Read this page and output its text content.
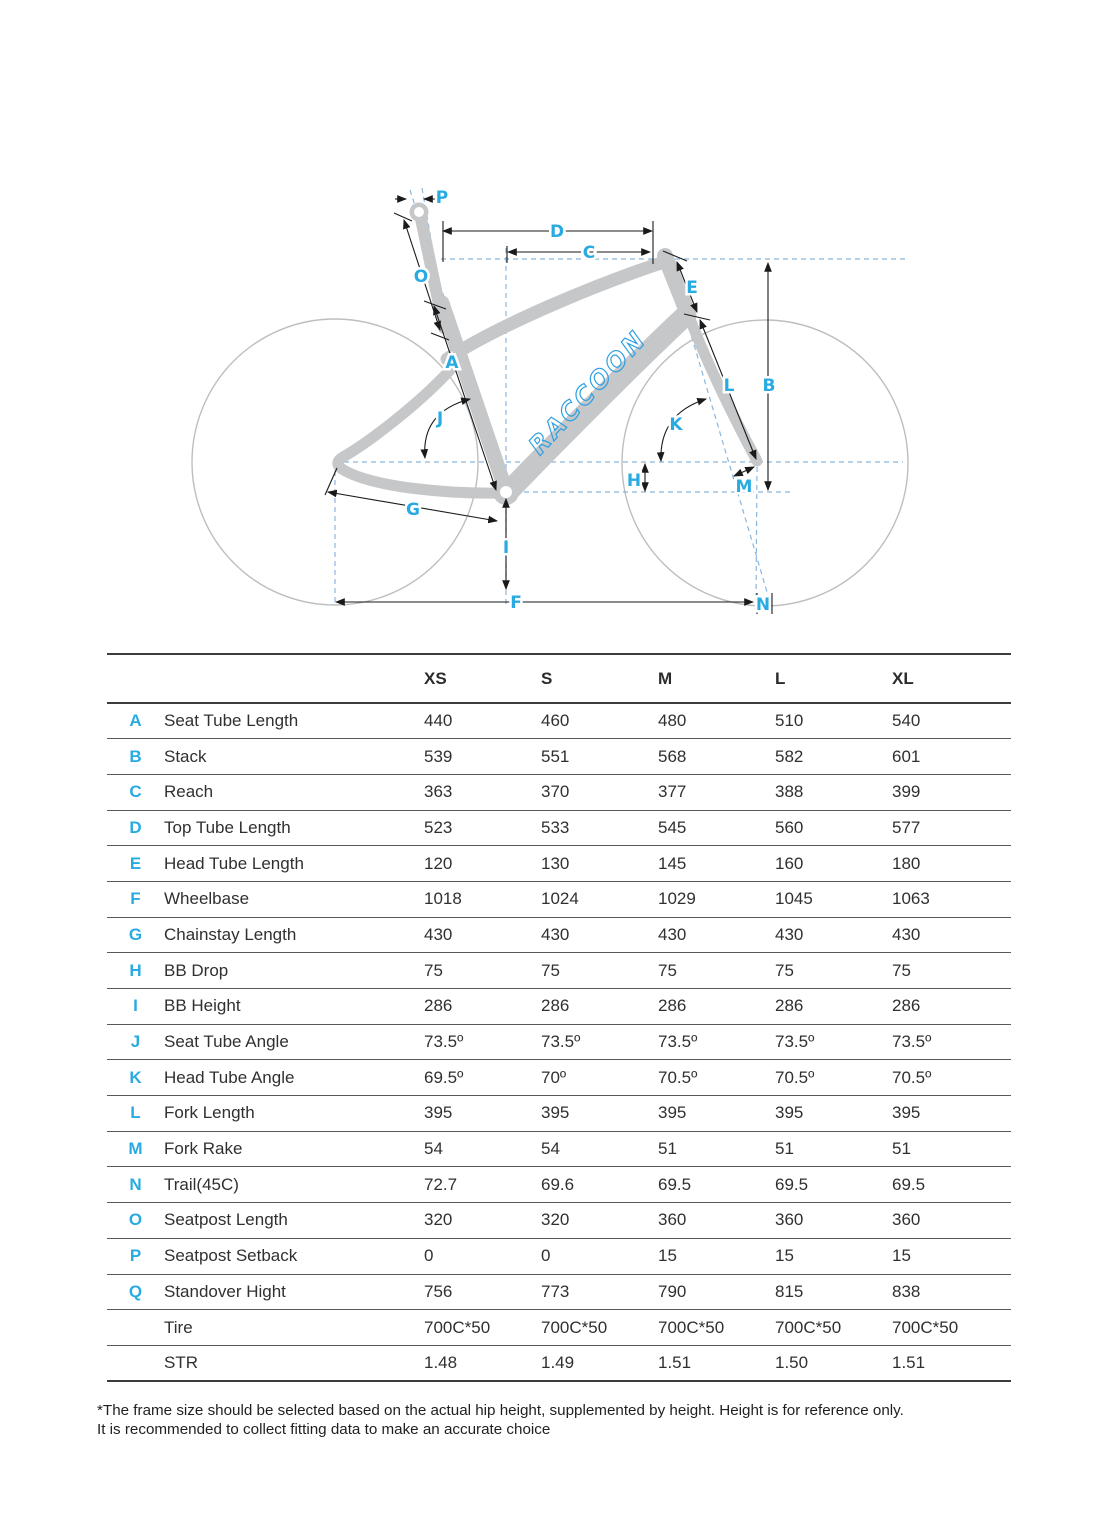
RACCOON
P
D
C
O
A
E
B
L
J	K
H	M
G
I
F	N
		XS	S	M	L	XL
A	Seat Tube Length	440	460	480	510	540
B	Stack	539	551	568	582	601
C	Reach	363	370	377	388	399
D	Top Tube Length	523	533	545	560	577
E	Head Tube Length	120	130	145	160	180
F	Wheelbase	1018	1024	1029	1045	1063
G	Chainstay Length	430	430	430	430	430
H	BB Drop	75	75	75	75	75
I	BB Height	286	286	286	286	286
J	Seat Tube Angle	73.5º	73.5º	73.5º	73.5º	73.5º
K	Head Tube Angle	69.5º	70º	70.5º	70.5º	70.5º
L	Fork Length	395	395	395	395	395
M	Fork Rake	54	54	51	51	51
N	Trail(45C)	72.7	69.6	69.5	69.5	69.5
O	Seatpost Length	320	320	360	360	360
P	Seatpost Setback	0	0	15	15	15
Q	Standover Hight	756	773	790	815	838
	Tire	700C*50	700C*50	700C*50	700C*50	700C*50
	STR	1.48	1.49	1.51	1.50	1.51
*The frame size should be selected based on the actual hip height, supplemented by height. Height is for reference only.
It is recommended to collect fitting data to make an accurate choice
